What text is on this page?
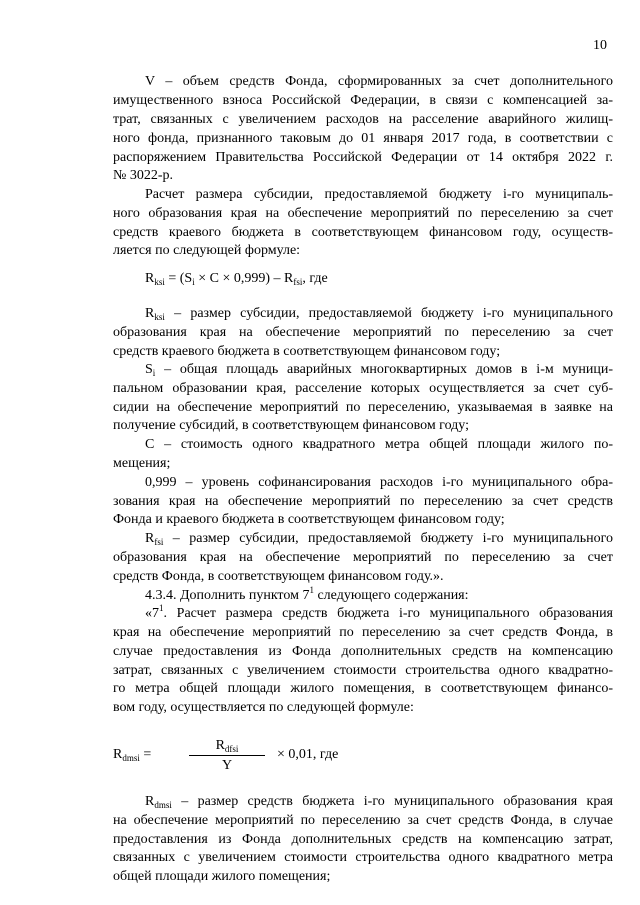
10
V – объем средств Фонда, сформированных за счет дополнительного
имущественного взноса Российской Федерации, в связи с компенсацией за-
трат, связанных с увеличением расходов на расселение аварийного жилищ-
ного фонда, признанного таковым до 01 января 2017 года, в соответствии с
распоряжением Правительства Российской Федерации от 14 октября 2022 г.
№ 3022-р.
Расчет размера субсидии, предоставляемой бюджету i-го муниципаль-
ного образования края на обеспечение мероприятий по переселению за счет
средств краевого бюджета в соответствующем финансовом году, осуществ-
ляется по следующей формуле:
$R_{ksi} = (S_i \times С \times 0,999) - R_{fsi}$, где
$R_{ksi}$ – размер субсидии, предоставляемой бюджету i-го муниципального
образования края на обеспечение мероприятий по переселению за счет
средств краевого бюджета в соответствующем финансовом году;
$S_i$ – общая площадь аварийных многоквартирных домов в i-м муници-
пальном образовании края, расселение которых осуществляется за счет суб-
сидии на обеспечение мероприятий по переселению, указываемая в заявке на
получение субсидий, в соответствующем финансовом году;
С – стоимость одного квадратного метра общей площади жилого по-
мещения;
0,999 – уровень софинансирования расходов i-го муниципального обра-
зования края на обеспечение мероприятий по переселению за счет средств
Фонда и краевого бюджета в соответствующем финансовом году;
$R_{fsi}$ – размер субсидии, предоставляемой бюджету i-го муниципального
образования края на обеспечение мероприятий по переселению за счет
средств Фонда, в соответствующем финансовом году.».
4.3.4. Дополнить пунктом $7^1$ следующего содержания:
«$7^1$. Расчет размера средств бюджета i-го муниципального образования
края на обеспечение мероприятий по переселению за счет средств Фонда, в
случае предоставления из Фонда дополнительных средств на компенсацию
затрат, связанных с увеличением стоимости строительства одного квадратно-
го метра общей площади жилого помещения, в соответствующем финансо-
вом году, осуществляется по следующей формуле:
$R_{dmsi}$ =
$R_{dfsi}$
Y
× 0,01, где
$R_{dmsi}$ – размер средств бюджета i-го муниципального образования края
на обеспечение мероприятий по переселению за счет средств Фонда, в случае
предоставления из Фонда дополнительных средств на компенсацию затрат,
связанных с увеличением стоимости строительства одного квадратного метра
общей площади жилого помещения;
